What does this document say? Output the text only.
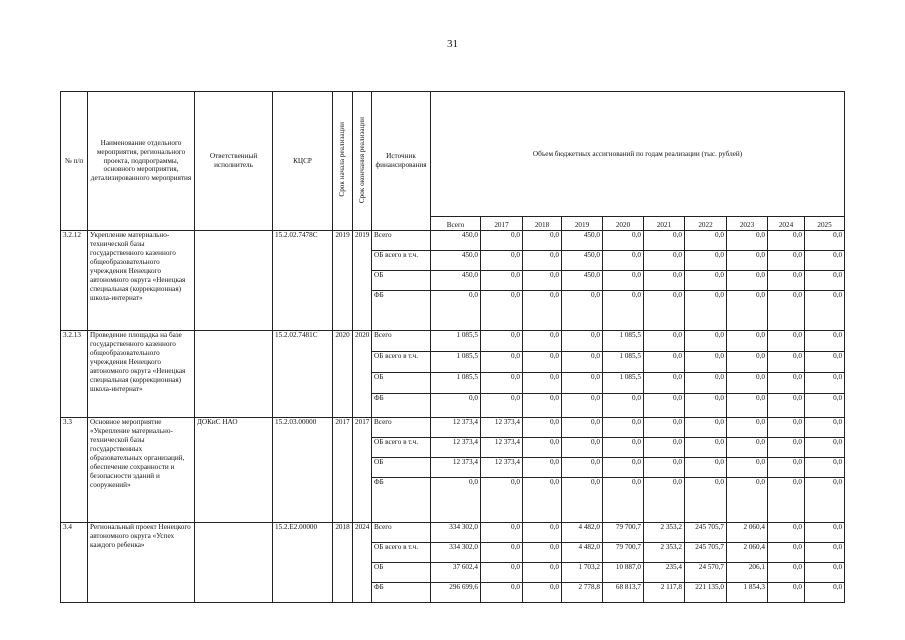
31
№ п/п	Наименование отдельного мероприятия, регионального проекта, подпрограммы, основного мероприятия, детализированного мероприятия	Ответственный исполнитель	КЦСР	Срок начала реализации	Срок окончания реализации	Источник финансирования	Объем бюджетных ассигнований по годам реализации (тыс. рублей)									
							Всего	2017	2018	2019	2020	2021	2022	2023	2024	2025
3.2.12	Укрепление материально-технической базы государственного казенного общеобразовательного учреждения Ненецкого автономного округа «Ненецкая специальная (коррекционная) школа-интернат»		15.2.02.7478С	2019	2019	Всего	450,0	0,0	0,0	450,0	0,0	0,0	0,0	0,0	0,0	0,0
						ОБ всего в т.ч.	450,0	0,0	0,0	450,0	0,0	0,0	0,0	0,0	0,0	0,0
						ОБ	450,0	0,0	0,0	450,0	0,0	0,0	0,0	0,0	0,0	0,0
						ФБ	0,0	0,0	0,0	0,0	0,0	0,0	0,0	0,0	0,0	0,0
3.2.13	Проведение площадка на базе государственного казенного общеобразовательного учреждения Ненецкого автономного округа «Ненецкая специальная (коррекционная) школа-интернат»		15.2.02.7481С	2020	2020	Всего	1 085,5	0,0	0,0	0,0	1 085,5	0,0	0,0	0,0	0,0	0,0
						ОБ всего в т.ч.	1 085,5	0,0	0,0	0,0	1 085,5	0,0	0,0	0,0	0,0	0,0
						ОБ	1 085,5	0,0	0,0	0,0	1 085,5	0,0	0,0	0,0	0,0	0,0
						ФБ	0,0	0,0	0,0	0,0	0,0	0,0	0,0	0,0	0,0	0,0
3.3	Основное мероприятие «Укрепление материально-технической базы государственных образовательных организаций, обеспечение сохранности и безопасности зданий и сооружений»	ДОКиС НАО	15.2.03.00000	2017	2017	Всего	12 373,4	12 373,4	0,0	0,0	0,0	0,0	0,0	0,0	0,0	0,0
						ОБ всего в т.ч.	12 373,4	12 373,4	0,0	0,0	0,0	0,0	0,0	0,0	0,0	0,0
						ОБ	12 373,4	12 373,4	0,0	0,0	0,0	0,0	0,0	0,0	0,0	0,0
						ФБ	0,0	0,0	0,0	0,0	0,0	0,0	0,0	0,0	0,0	0,0
3.4	Региональный проект Ненецкого автономного округа «Успех каждого ребенка»		15.2.E2.00000	2018	2024	Всего	334 302,0	0,0	0,0	4 482,0	79 700,7	2 353,2	245 705,7	2 060,4	0,0	0,0
						ОБ всего в т.ч.	334 302,0	0,0	0,0	4 482,0	79 700,7	2 353,2	245 705,7	2 060,4	0,0	0,0
						ОБ	37 602,4	0,0	0,0	1 703,2	10 887,0	235,4	24 570,7	206,1	0,0	0,0
						ФБ	296 699,6	0,0	0,0	2 778,8	68 813,7	2 117,8	221 135,0	1 854,3	0,0	0,0
